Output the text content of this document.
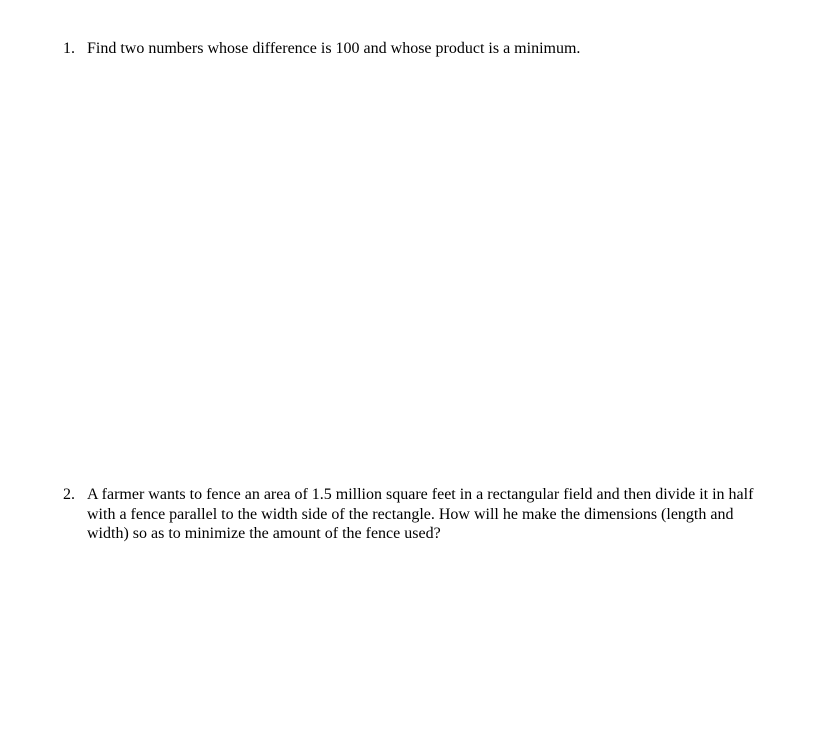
1. Find two numbers whose difference is 100 and whose product is a minimum.
2. A farmer wants to fence an area of 1.5 million square feet in a rectangular field and then divide it in half
with a fence parallel to the width side of the rectangle. How will he make the dimensions (length and
width) so as to minimize the amount of the fence used?
